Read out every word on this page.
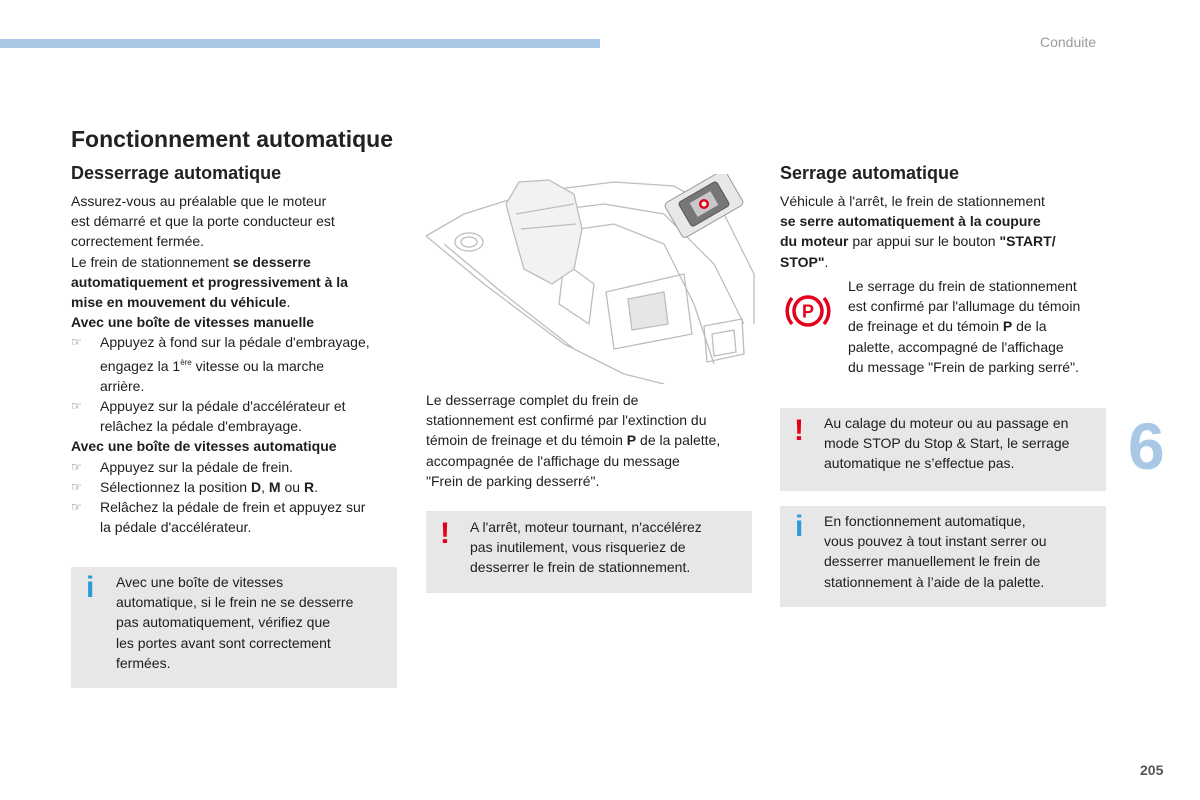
Conduite
6
205
Fonctionnement automatique
Desserrage automatique

Assurez-vous au préalable que le moteur

est démarré et que la porte conducteur est

correctement fermée.

Le frein de stationnement se desserre

automatiquement et progressivement à la

mise en mouvement du véhicule.

Avec une boîte de vitesses manuelle

☞ Appuyez à fond sur la pédale d'embrayage,

engagez la 1ère vitesse ou la marche

arrière.

☞ Appuyez sur la pédale d'accélérateur et

relâchez la pédale d'embrayage.

Avec une boîte de vitesses automatique

☞ Appuyez sur la pédale de frein.

☞ Sélectionnez la position D, M ou R.

☞ Relâchez la pédale de frein et appuyez sur

la pédale d'accélérateur.

i Avec une boîte de vitesses

automatique, si le frein ne se desserre

pas automatiquement, vérifiez que

les portes avant sont correctement

fermées.

Le desserrage complet du frein de

stationnement est confirmé par l'extinction du

témoin de freinage et du témoin P de la palette,

accompagnée de l'affichage du message

"Frein de parking desserré".

! A l'arrêt, moteur tournant, n'accélérez

pas inutilement, vous risqueriez de

desserrer le frein de stationnement.

Serrage automatique

Véhicule à l'arrêt, le frein de stationnement

se serre automatiquement à la coupure

du moteur par appui sur le bouton "START/

STOP".

P

Le serrage du frein de stationnement

est confirmé par l'allumage du témoin

de freinage et du témoin P de la

palette, accompagné de l'affichage

du message "Frein de parking serré".

! Au calage du moteur ou au passage en

mode STOP du Stop & Start, le serrage

automatique ne s’effectue pas.

i En fonctionnement automatique,

vous pouvez à tout instant serrer ou

desserrer manuellement le frein de

stationnement à l’aide de la palette.
